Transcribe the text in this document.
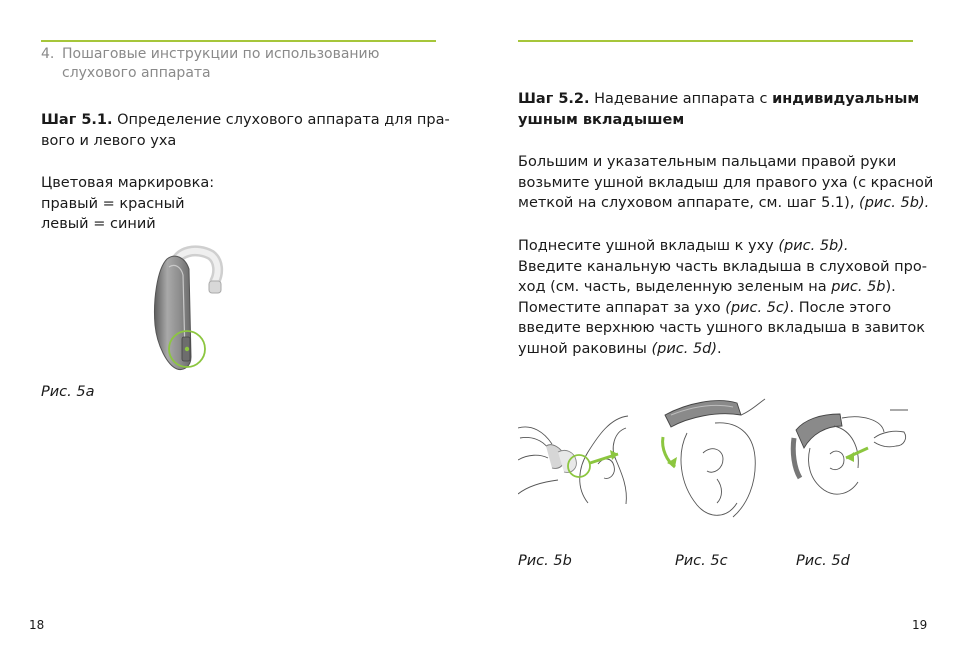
4. Пошаговые инструкции по использованию
слухового аппарата
Шаг 5.1. Определение слухового аппарата для пра-
вого и левого уха
Цветовая маркировка:
правый = красный
левый = синий
Рис. 5а
18
Шаг 5.2. Надевание аппарата с индивидуальным
ушным вкладышем
Большим и указательным пальцами правой руки
возьмите ушной вкладыш для правого уха (с красной
меткой на слуховом аппарате, см. шаг 5.1), (рис. 5b).
Поднесите ушной вкладыш к уху (рис. 5b).
Введите канальную часть вкладыша в слуховой про-
ход (см. часть, выделенную зеленым на рис. 5b).
Поместите аппарат за ухо (рис. 5c). После этого
введите верхнюю часть ушного вкладыша в завиток
ушной раковины (рис. 5d).
Рис. 5b	Рис. 5c	Рис. 5d
19
